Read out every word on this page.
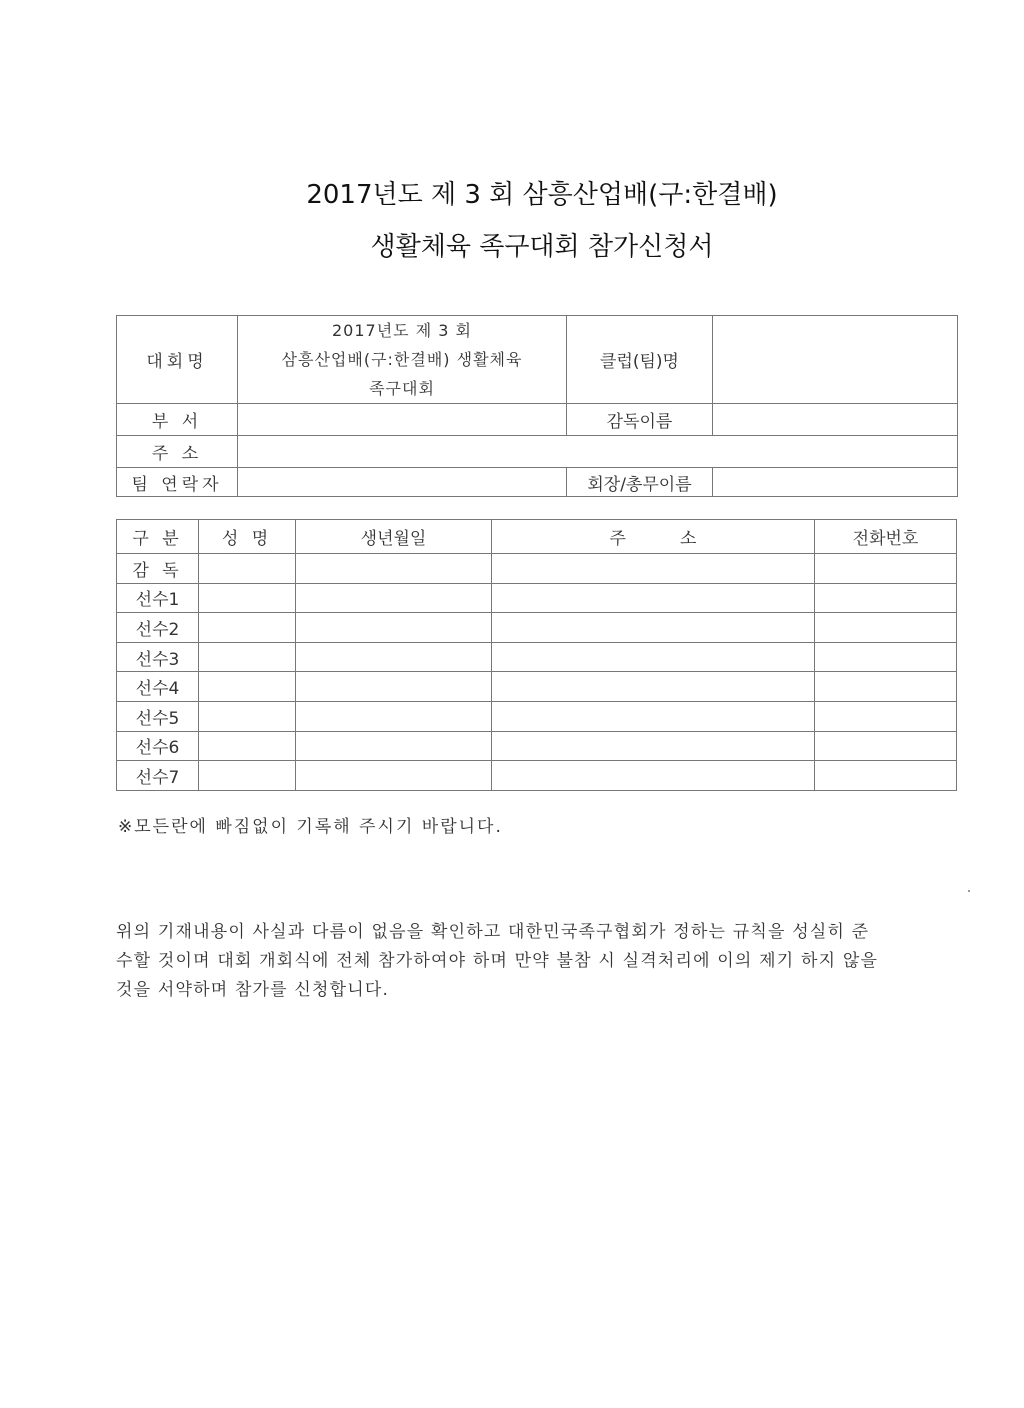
2017년도 제 3 회 삼흥산업배(구:한결배)
생활체육 족구대회 참가신청서
대회명	2017년도 제 3 회
삼흥산업배(구:한결배) 생활체육
족구대회	클럽(팀)명	
부 서		감독이름	
주 소			
팀 연락자		회장/총무이름	
구 분	성 명	생년월일	주          소	전화번호
감 독				
선수1				
선수2				
선수3				
선수4				
선수5				
선수6				
선수7				
※모든란에 빠짐없이 기록해 주시기 바랍니다.
위의 기재내용이 사실과 다름이 없음을 확인하고 대한민국족구협회가 정하는 규칙을 성실히 준
수할 것이며 대회 개회식에 전체 참가하여야 하며 만약 불참 시 실격처리에 이의 제기 하지 않을
것을 서약하며 참가를 신청합니다.
